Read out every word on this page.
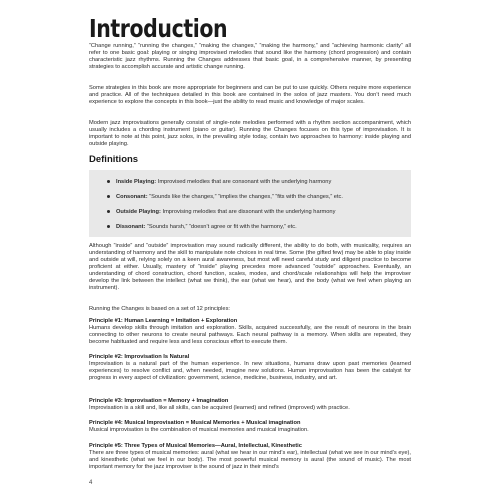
Introduction

“Change running,” “running the changes,” “making the changes,” “making the harmony,” and “achieving harmonic clarity” all refer to one basic goal: playing or singing improvised melodies that sound like the harmony (chord progression) and contain characteristic jazz rhythms. Running the Changes addresses that basic goal, in a comprehensive manner, by presenting strategies to accomplish accurate and artistic change running.

Some strategies in this book are more appropriate for beginners and can be put to use quickly. Others require more experience and practice. All of the techniques detailed in this book are contained in the solos of jazz masters. You don’t need much experience to explore the concepts in this book—just the ability to read music and knowledge of major scales.

Modern jazz improvisations generally consist of single-note melodies performed with a rhythm section accompaniment, which usually includes a chording instrument (piano or guitar). Running the Changes focuses on this type of improvisation. It is important to note at this point, jazz solos, in the prevailing style today, contain two approaches to harmony: inside playing and outside playing.

Definitions
Inside Playing: Improvised melodies that are consonant with the underlying harmony
Consonant: “Sounds like the changes,” “implies the changes,” “fits with the changes,” etc.
Outside Playing: Improvising melodies that are dissonant with the underlying harmony
Dissonant: “Sounds harsh,” “doesn’t agree or fit with the harmony,” etc.

Although “inside” and “outside” improvisation may sound radically different, the ability to do both, with musicality, requires an understanding of harmony and the skill to manipulate note choices in real time. Some (the gifted few) may be able to play inside and outside at will, relying solely on a keen aural awareness, but most will need careful study and diligent practice to become proficient at either. Usually, mastery of “inside” playing precedes more advanced “outside” approaches. Eventually, an understanding of chord construction, chord function, scales, modes, and chord/scale relationships will help the improviser develop the link between the intellect (what we think), the ear (what we hear), and the body (what we feel when playing an instrument).

Running the Changes is based on a set of 12 principles:

Principle #1: Human Learning = Imitation + Exploration

Humans develop skills through imitation and exploration. Skills, acquired successfully, are the result of neurons in the brain connecting to other neurons to create neural pathways. Each neural pathway is a memory. When skills are repeated, they become habituated and require less and less conscious effort to execute them.

Principle #2: Improvisation Is Natural

Improvisation is a natural part of the human experience. In new situations, humans draw upon past memories (learned experiences) to resolve conflict and, when needed, imagine new solutions. Human improvisation has been the catalyst for progress in every aspect of civilization: government, science, medicine, business, industry, and art.

Principle #3: Improvisation = Memory + Imagination

Improvisation is a skill and, like all skills, can be acquired (learned) and refined (improved) with practice.

Principle #4: Musical Improvisation = Musical Memories + Musical imagination

Musical improvisation is the combination of musical memories and musical imagination.

Principle #5: Three Types of Musical Memories—Aural, Intellectual, Kinesthetic

There are three types of musical memories: aural (what we hear in our mind’s ear), intellectual (what we see in our mind’s eye), and kinesthetic (what we feel in our body). The most powerful musical memory is aural (the sound of music). The most important memory for the jazz improviser is the sound of jazz in their mind’s

4
